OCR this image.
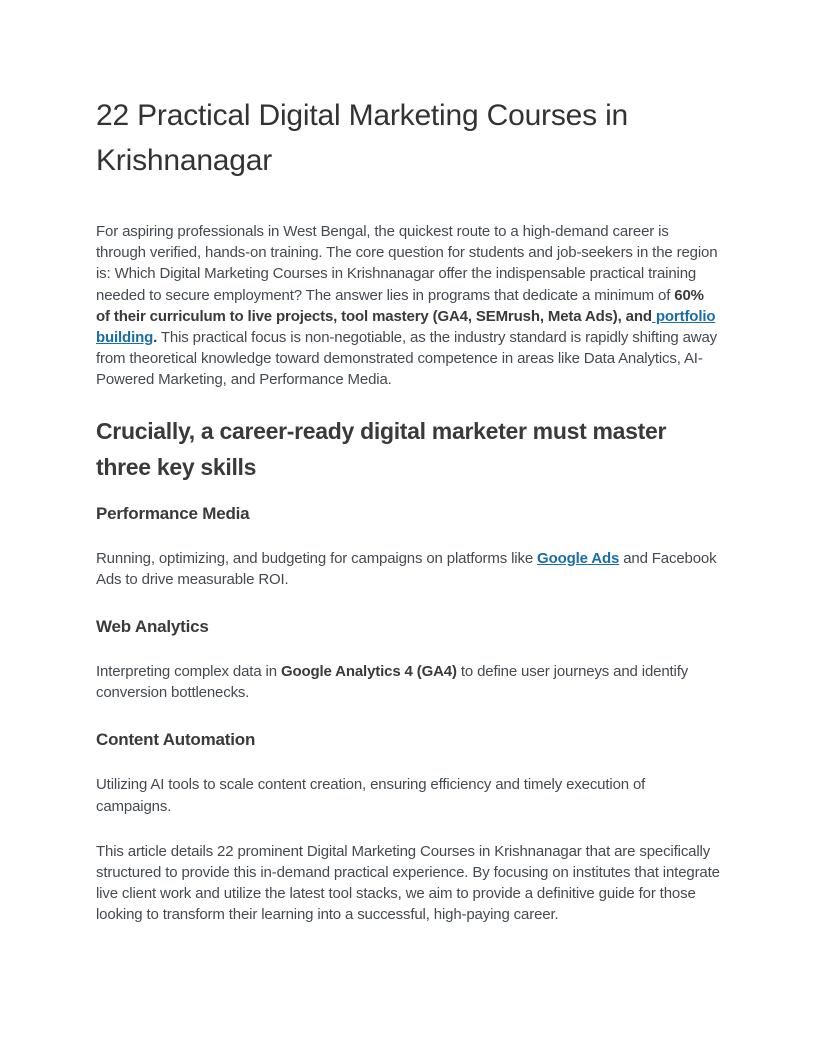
22 Practical Digital Marketing Courses in Krishnanagar

For aspiring professionals in West Bengal, the quickest route to a high-demand career is through verified, hands-on training. The core question for students and job-seekers in the region is: Which Digital Marketing Courses in Krishnanagar offer the indispensable practical training needed to secure employment? The answer lies in programs that dedicate a minimum of 60% of their curriculum to live projects, tool mastery (GA4, SEMrush, Meta Ads), and portfolio building. This practical focus is non-negotiable, as the industry standard is rapidly shifting away from theoretical knowledge toward demonstrated competence in areas like Data Analytics, AI-Powered Marketing, and Performance Media.

Crucially, a career-ready digital marketer must master three key skills
Performance Media

Running, optimizing, and budgeting for campaigns on platforms like Google Ads and Facebook Ads to drive measurable ROI.

Web Analytics

Interpreting complex data in Google Analytics 4 (GA4) to define user journeys and identify conversion bottlenecks.

Content Automation

Utilizing AI tools to scale content creation, ensuring efficiency and timely execution of campaigns.

This article details 22 prominent Digital Marketing Courses in Krishnanagar that are specifically structured to provide this in-demand practical experience. By focusing on institutes that integrate live client work and utilize the latest tool stacks, we aim to provide a definitive guide for those looking to transform their learning into a successful, high-paying career.
